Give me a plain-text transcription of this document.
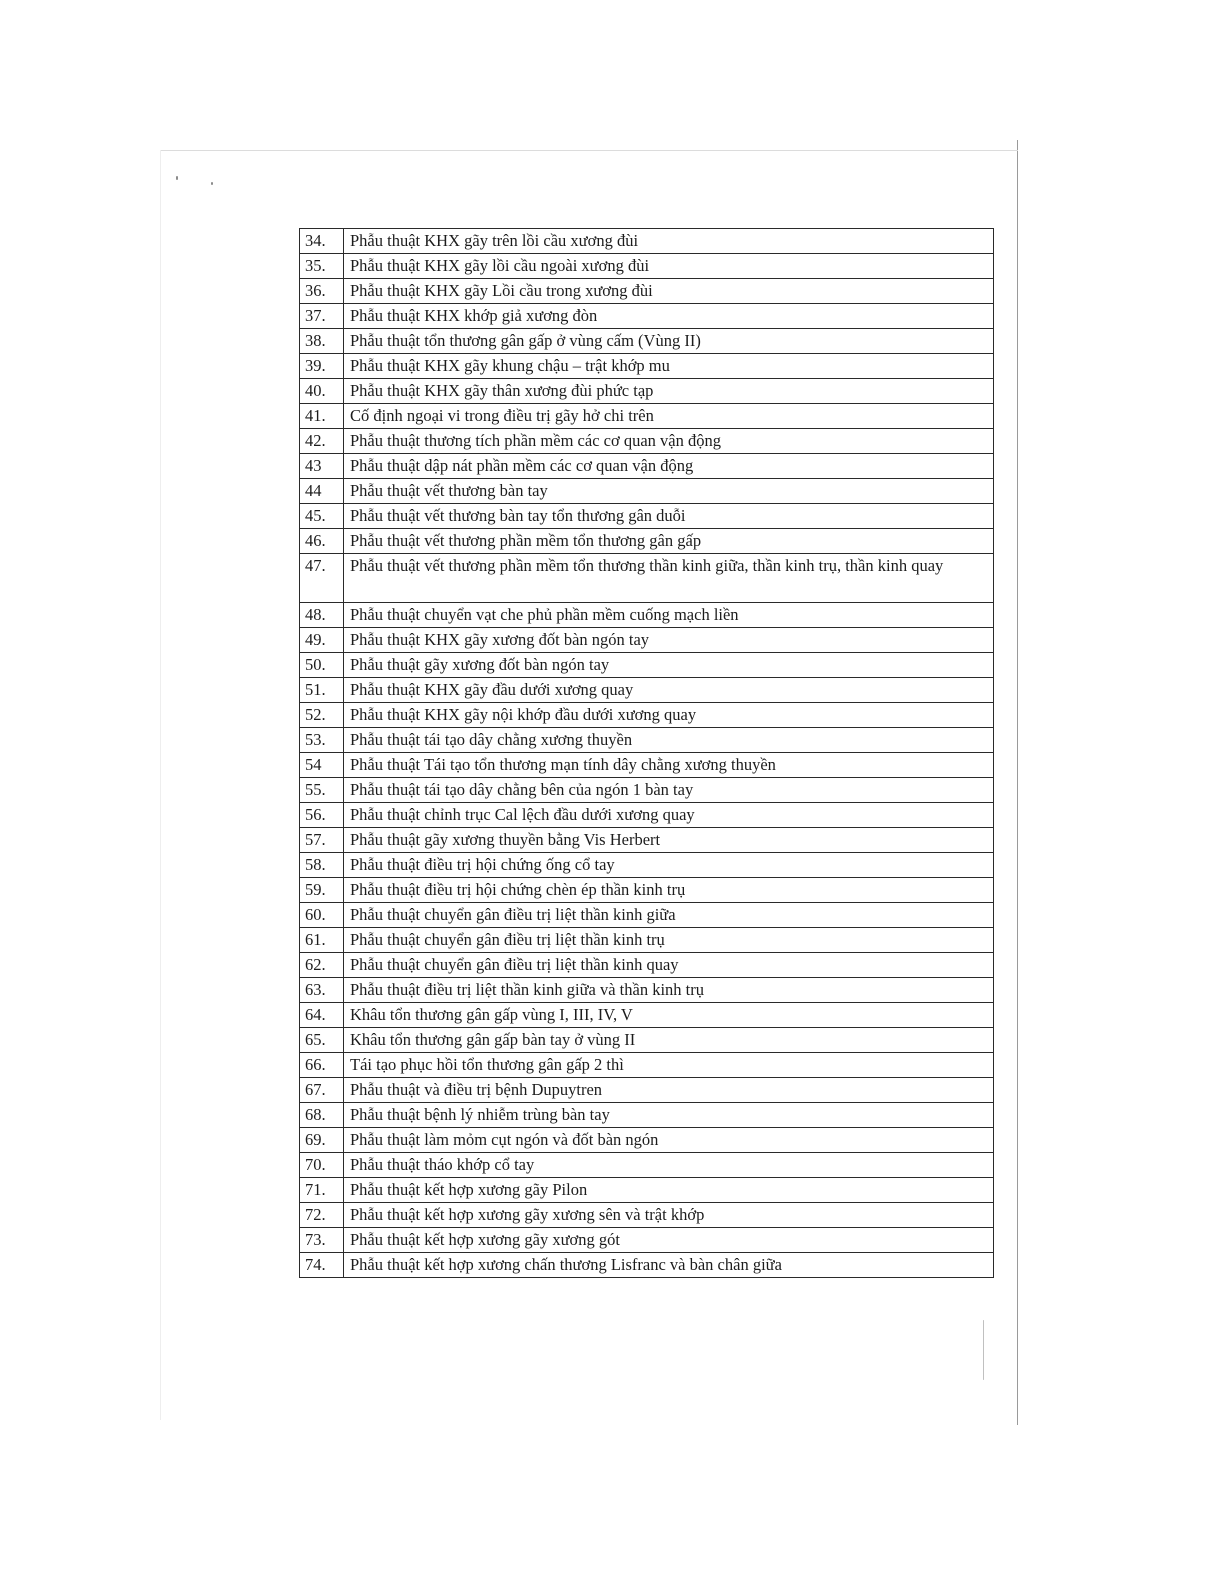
34.	Phẫu thuật KHX gãy trên lồi cầu xương đùi
35.	Phẫu thuật KHX gãy lồi cầu ngoài xương đùi
36.	Phẫu thuật KHX gãy Lồi cầu trong xương đùi
37.	Phẫu thuật KHX khớp giả xương đòn
38.	Phẫu thuật tổn thương gân gấp ở vùng cấm (Vùng II)
39.	Phẫu thuật KHX gãy khung chậu – trật khớp mu
40.	Phẫu thuật KHX gãy thân xương đùi phức tạp
41.	Cố định ngoại vi trong điều trị gãy hở chi trên
42.	Phẫu thuật thương tích phần mềm các cơ quan vận động
43	Phẫu thuật dập nát phần mềm các cơ quan vận động
44	Phẫu thuật vết thương bàn tay
45.	Phẫu thuật vết thương bàn tay tổn thương gân duỗi
46.	Phẫu thuật vết thương phần mềm tổn thương gân gấp
47.	Phẫu thuật vết thương phần mềm tổn thương thần kinh giữa, thần kinh trụ, thần kinh quay
48.	Phẫu thuật chuyển vạt che phủ phần mềm cuống mạch liền
49.	Phẫu thuật KHX gãy xương đốt bàn ngón tay
50.	Phẫu thuật gãy xương đốt bàn ngón tay
51.	Phẫu thuật KHX gãy đầu dưới xương quay
52.	Phẫu thuật KHX gãy nội khớp đầu dưới xương quay
53.	Phẫu thuật tái tạo dây chằng xương thuyền
54	Phẫu thuật Tái tạo tổn thương mạn tính dây chằng xương thuyền
55.	Phẫu thuật tái tạo dây chằng bên của ngón 1 bàn tay
56.	Phẫu thuật chỉnh trục Cal lệch đầu dưới xương quay
57.	Phẫu thuật gãy xương thuyền bằng Vis Herbert
58.	Phẫu thuật điều trị hội chứng ống cổ tay
59.	Phẫu thuật điều trị hội chứng chèn ép thần kinh trụ
60.	Phẫu thuật chuyển gân điều trị liệt thần kinh giữa
61.	Phẫu thuật chuyển gân điều trị liệt thần kinh trụ
62.	Phẫu thuật chuyển gân điều trị liệt thần kinh quay
63.	Phẫu thuật điều trị liệt thần kinh giữa và thần kinh trụ
64.	Khâu tổn thương gân gấp vùng I, III, IV, V
65.	Khâu tổn thương gân gấp bàn tay ở vùng II
66.	Tái tạo phục hồi tổn thương gân gấp 2 thì
67.	Phẫu thuật và điều trị bệnh Dupuytren
68.	Phẫu thuật bệnh lý nhiễm trùng bàn tay
69.	Phẫu thuật làm mỏm cụt ngón và đốt bàn ngón
70.	Phẫu thuật tháo khớp cổ tay
71.	Phẫu thuật kết hợp xương gãy Pilon
72.	Phẫu thuật kết hợp xương gãy xương sên và trật khớp
73.	Phẫu thuật kết hợp xương gãy xương gót
74.	Phẫu thuật kết hợp xương chấn thương Lisfranc và bàn chân giữa
